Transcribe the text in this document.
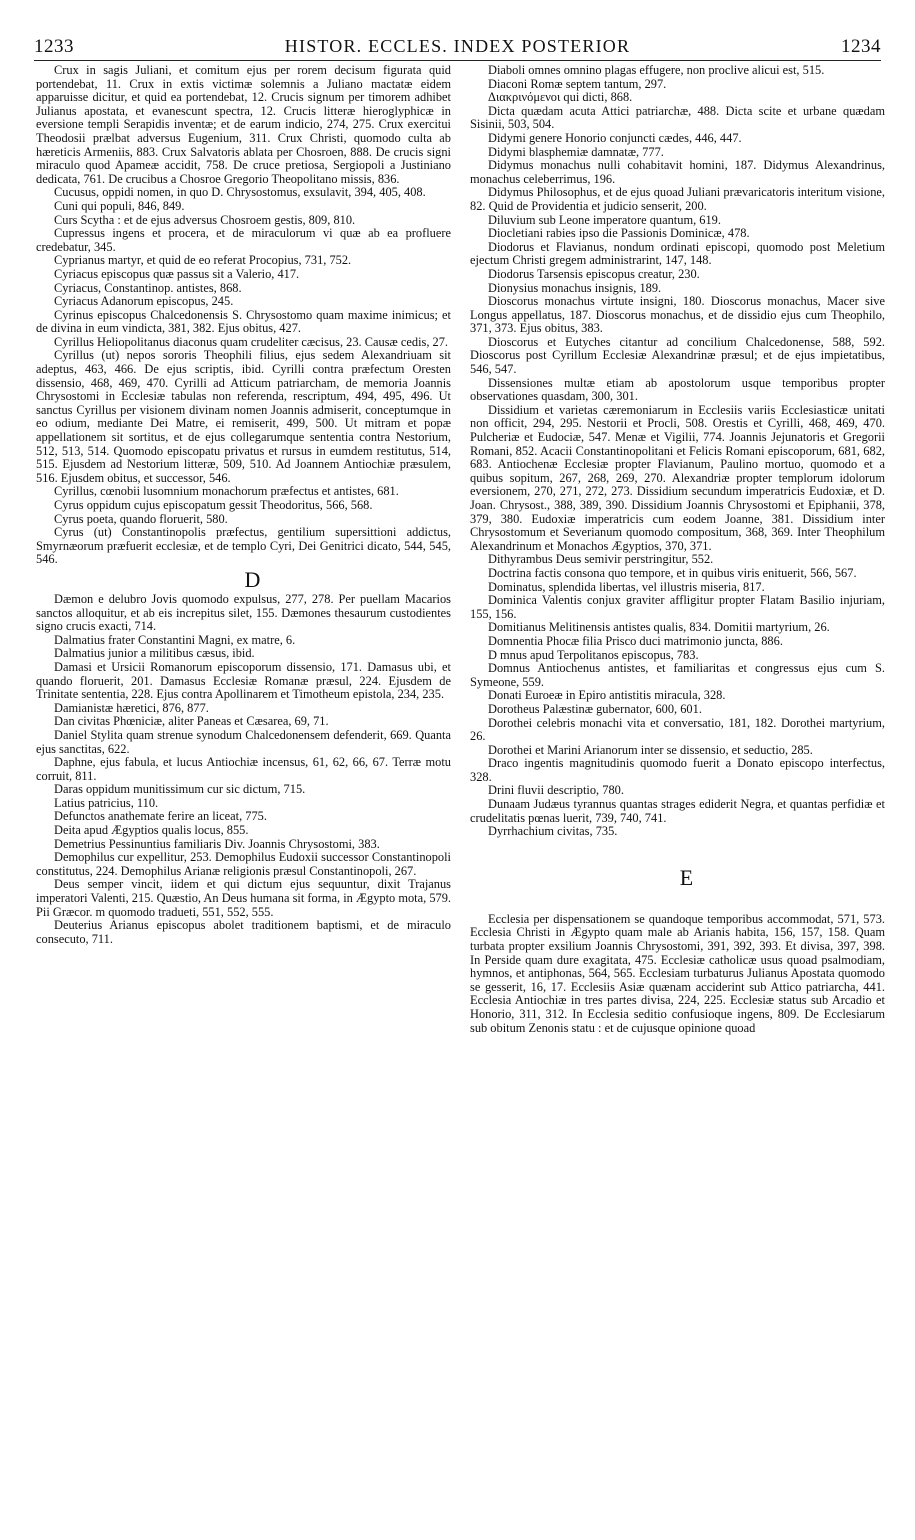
1233	HISTOR. ECCLES. INDEX POSTERIOR	1234

Crux in sagis Juliani, et comitum ejus per rorem decisum figurata quid portendebat, 11. Crux in extis victimæ solemnis a Juliano mactatæ eidem apparuisse dicitur, et quid ea portendebat, 12. Crucis signum per timorem adhibet Julianus apostata, et evanescunt spectra, 12. Crucis litteræ hieroglyphicæ in eversione templi Serapidis inventæ; et de earum indicio, 274, 275. Crux exercitui Theodosii prælbat adversus Eugenium, 311. Crux Christi, quomodo culta ab hæreticis Armeniis, 883. Crux Salvatoris ablata per Chosroen, 888. De crucis signi miraculo quod Apameæ accidit, 758. De cruce pretiosa, Sergiopoli a Justiniano dedicata, 761. De crucibus a Chosroe Gregorio Theopolitano missis, 836.

Cucusus, oppidi nomen, in quo D. Chrysostomus, exsulavit, 394, 405, 408.

Cuni qui populi, 846, 849.

Curs Scytha : et de ejus adversus Chosroem gestis, 809, 810.

Cupressus ingens et procera, et de miraculorum vi quæ ab ea profluere credebatur, 345.

Cyprianus martyr, et quid de eo referat Procopius, 731, 752.

Cyriacus episcopus quæ passus sit a Valerio, 417.

Cyriacus, Constantinop. antistes, 868.

Cyriacus Adanorum episcopus, 245.

Cyrinus episcopus Chalcedonensis S. Chrysostomo quam maxime inimicus; et de divina in eum vindicta, 381, 382. Ejus obitus, 427.

Cyrillus Heliopolitanus diaconus quam crudeliter cæcisus, 23. Causæ cedis, 27.

Cyrillus (ut) nepos sororis Theophili filius, ejus sedem Alexandriuam sit adeptus, 463, 466. De ejus scriptis, ibid. Cyrilli contra præfectum Oresten dissensio, 468, 469, 470. Cyrilli ad Atticum patriarcham, de memoria Joannis Chrysostomi in Ecclesiæ tabulas non referenda, rescriptum, 494, 495, 496. Ut sanctus Cyrillus per visionem divinam nomen Joannis admiserit, conceptumque in eo odium, mediante Dei Matre, ei remiserit, 499, 500. Ut mitram et popæ appellationem sit sortitus, et de ejus collegarumque sententia contra Nestorium, 512, 513, 514. Quomodo episcopatu privatus et rursus in eumdem restitutus, 514, 515. Ejusdem ad Nestorium litteræ, 509, 510. Ad Joannem Antiochiæ præsulem, 516. Ejusdem obitus, et successor, 546.

Cyrillus, cœnobii lusomnium monachorum præfectus et antistes, 681.

Cyrus oppidum cujus episcopatum gessit Theodoritus, 566, 568.

Cyrus poeta, quando floruerit, 580.

Cyrus (ut) Constantinopolis præfectus, gentilium supersittioni addictus, Smyrnæorum præfuerit ecclesiæ, et de templo Cyri, Dei Genitrici dicato, 544, 545, 546.

D

Dæmon e delubro Jovis quomodo expulsus, 277, 278. Per puellam Macarios sanctos alloquitur, et ab eis increpitus silet, 155. Dæmones thesaurum custodientes signo crucis exacti, 714.

Dalmatius frater Constantini Magni, ex matre, 6.

Dalmatius junior a militibus cæsus, ibid.

Damasi et Ursicii Romanorum episcoporum dissensio, 171. Damasus ubi, et quando floruerit, 201. Damasus Ecclesiæ Romanæ præsul, 224. Ejusdem de Trinitate sententia, 228. Ejus contra Apollinarem et Timotheum epistola, 234, 235.

Damianistæ hæretici, 876, 877.

Dan civitas Phœniciæ, aliter Paneas et Cæsarea, 69, 71.

Daniel Stylita quam strenue synodum Chalcedonensem defenderit, 669. Quanta ejus sanctitas, 622.

Daphne, ejus fabula, et lucus Antiochiæ incensus, 61, 62, 66, 67. Terræ motu corruit, 811.

Daras oppidum munitissimum cur sic dictum, 715.

Latius patricius, 110.

Defunctos anathemate ferire an liceat, 775.

Deita apud Ægyptios qualis locus, 855.

Demetrius Pessinuntius familiaris Div. Joannis Chrysostomi, 383.

Demophilus cur expellitur, 253. Demophilus Eudoxii successor Constantinopoli constitutus, 224. Demophilus Arianæ religionis præsul Constantinopoli, 267.

Deus semper vincit, iidem et qui dictum ejus sequuntur, dixit Trajanus imperatori Valenti, 215. Quæstio, An Deus humana sit forma, in Ægypto mota, 579. Pii Græcor. m quomodo tradueti, 551, 552, 555.

Deuterius Arianus episcopus abolet traditionem baptismi, et de miraculo consecuto, 711.

Diaboli omnes omnino plagas effugere, non proclive alicui est, 515.

Diaconi Romæ septem tantum, 297.

Διακρινόμενοι qui dicti, 868.

Dicta quædam acuta Attici patriarchæ, 488. Dicta scite et urbane quædam Sisinii, 503, 504.

Didymi genere Honorio conjuncti cædes, 446, 447.

Didymi blasphemiæ damnatæ, 777.

Didymus monachus nulli cohabitavit homini, 187. Didymus Alexandrinus, monachus celeberrimus, 196.

Didymus Philosophus, et de ejus quoad Juliani prævaricatoris interitum visione, 82. Quid de Providentia et judicio senserit, 200.

Diluvium sub Leone imperatore quantum, 619.

Diocletiani rabies ipso die Passionis Dominicæ, 478.

Diodorus et Flavianus, nondum ordinati episcopi, quomodo post Meletium ejectum Christi gregem administrarint, 147, 148.

Diodorus Tarsensis episcopus creatur, 230.

Dionysius monachus insignis, 189.

Dioscorus monachus virtute insigni, 180. Dioscorus monachus, Macer sive Longus appellatus, 187. Dioscorus monachus, et de dissidio ejus cum Theophilo, 371, 373. Ejus obitus, 383.

Dioscorus et Eutyches citantur ad concilium Chalcedonense, 588, 592. Dioscorus post Cyrillum Ecclesiæ Alexandrinæ præsul; et de ejus impietatibus, 546, 547.

Dissensiones multæ etiam ab apostolorum usque temporibus propter observationes quasdam, 300, 301.

Dissidium et varietas cæremoniarum in Ecclesiis variis Ecclesiasticæ unitati non officit, 294, 295. Nestorii et Procli, 508. Orestis et Cyrilli, 468, 469, 470. Pulcheriæ et Eudociæ, 547. Menæ et Vigilii, 774. Joannis Jejunatoris et Gregorii Romani, 852. Acacii Constantinopolitani et Felicis Romani episcoporum, 681, 682, 683. Antiochenæ Ecclesiæ propter Flavianum, Paulino mortuo, quomodo et a quibus sopitum, 267, 268, 269, 270. Alexandriæ propter templorum idolorum eversionem, 270, 271, 272, 273. Dissidium secundum imperatricis Eudoxiæ, et D. Joan. Chrysost., 388, 389, 390. Dissidium Joannis Chrysostomi et Epiphanii, 378, 379, 380. Eudoxiæ imperatricis cum eodem Joanne, 381. Dissidium inter Chrysostomum et Severianum quomodo compositum, 368, 369. Inter Theophilum Alexandrinum et Monachos Ægyptios, 370, 371.

Dithyrambus Deus semivir perstringitur, 552.

Doctrina factis consona quo tempore, et in quibus viris enituerit, 566, 567.

Dominatus, splendida libertas, vel illustris miseria, 817.

Dominica Valentis conjux graviter affligitur propter Flatam Basilio injuriam, 155, 156.

Domitianus Melitinensis antistes qualis, 834. Domitii martyrium, 26.

Domnentia Phocæ filia Prisco duci matrimonio juncta, 886.

D mnus apud Terpolitanos episcopus, 783.

Domnus Antiochenus antistes, et familiaritas et congressus ejus cum S. Symeone, 559.

Donati Euroeæ in Epiro antistitis miracula, 328.

Dorotheus Palæstinæ gubernator, 600, 601.

Dorothei celebris monachi vita et conversatio, 181, 182. Dorothei martyrium, 26.

Dorothei et Marini Arianorum inter se dissensio, et seductio, 285.

Draco ingentis magnitudinis quomodo fuerit a Donato episcopo interfectus, 328.

Drini fluvii descriptio, 780.

Dunaam Judæus tyrannus quantas strages ediderit Negra, et quantas perfidiæ et crudelitatis pœnas luerit, 739, 740, 741.

Dyrrhachium civitas, 735.

E

Ecclesia per dispensationem se quandoque temporibus accommodat, 571, 573. Ecclesia Christi in Ægypto quam male ab Arianis habita, 156, 157, 158. Quam turbata propter exsilium Joannis Chrysostomi, 391, 392, 393. Et divisa, 397, 398. In Perside quam dure exagitata, 475. Ecclesiæ catholicæ usus quoad psalmodiam, hymnos, et antiphonas, 564, 565. Ecclesiam turbaturus Julianus Apostata quomodo se gesserit, 16, 17. Ecclesiis Asiæ quænam acciderint sub Attico patriarcha, 441. Ecclesia Antiochiæ in tres partes divisa, 224, 225. Ecclesiæ status sub Arcadio et Honorio, 311, 312. In Ecclesia seditio confusioque ingens, 809. De Ecclesiarum sub obitum Zenonis statu : et de cujusque opinione quoad
